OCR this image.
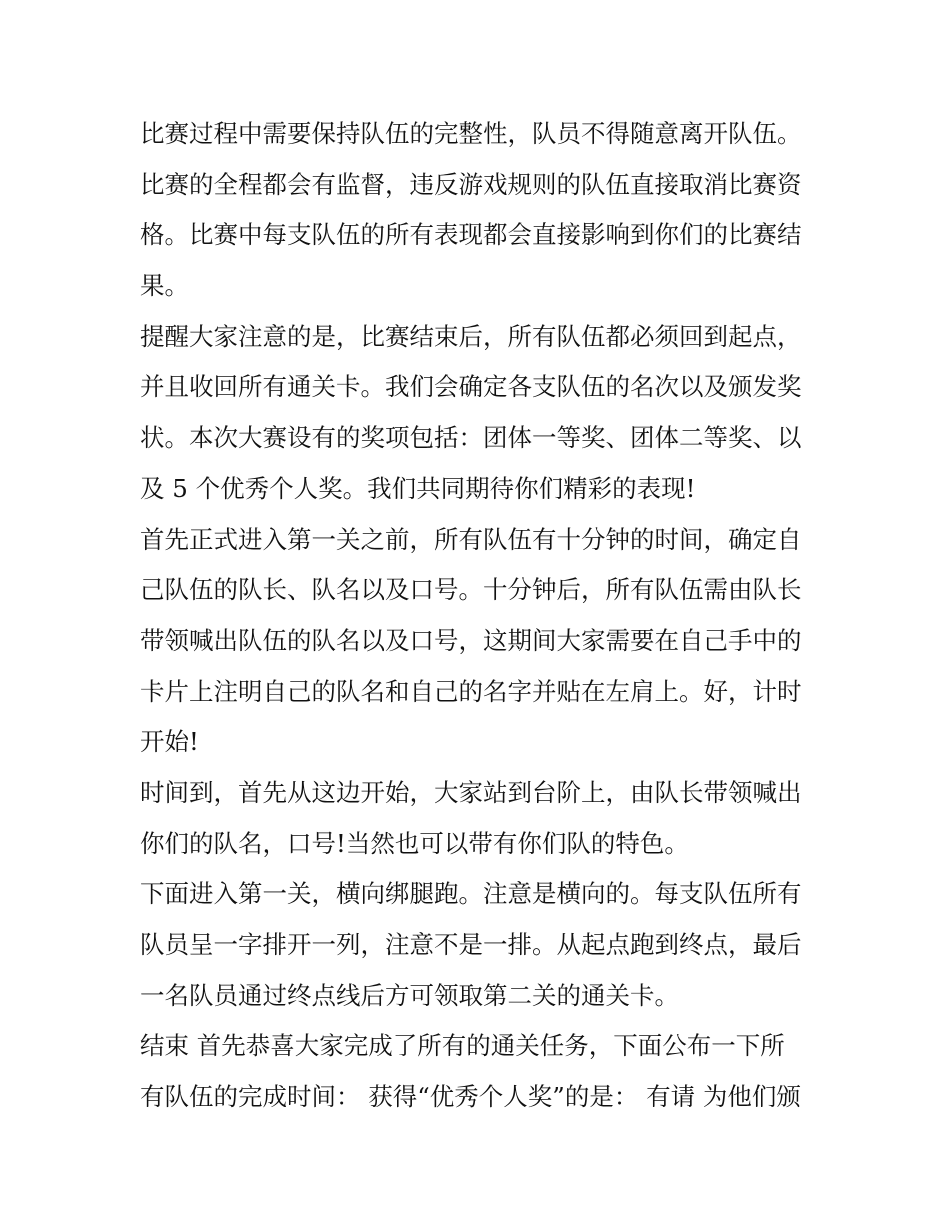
比赛过程中需要保持队伍的完整性，队员不得随意离开队伍。
比赛的全程都会有监督，违反游戏规则的队伍直接取消比赛资
格。比赛中每支队伍的所有表现都会直接影响到你们的比赛结
果。
提醒大家注意的是，比赛结束后，所有队伍都必须回到起点，
并且收回所有通关卡。我们会确定各支队伍的名次以及颁发奖
状。本次大赛设有的奖项包括：团体一等奖、团体二等奖、以
及 5 个优秀个人奖。我们共同期待你们精彩的表现!
首先正式进入第一关之前，所有队伍有十分钟的时间，确定自
己队伍的队长、队名以及口号。十分钟后，所有队伍需由队长
带领喊出队伍的队名以及口号，这期间大家需要在自己手中的
卡片上注明自己的队名和自己的名字并贴在左肩上。好，计时
开始!
时间到，首先从这边开始，大家站到台阶上，由队长带领喊出
你们的队名，口号!当然也可以带有你们队的特色。
下面进入第一关，横向绑腿跑。注意是横向的。每支队伍所有
队员呈一字排开一列，注意不是一排。从起点跑到终点，最后
一名队员通过终点线后方可领取第二关的通关卡。
结束 首先恭喜大家完成了所有的通关任务，下面公布一下所
有队伍的完成时间： 获得“优秀个人奖”的是： 有请 为他们颁
